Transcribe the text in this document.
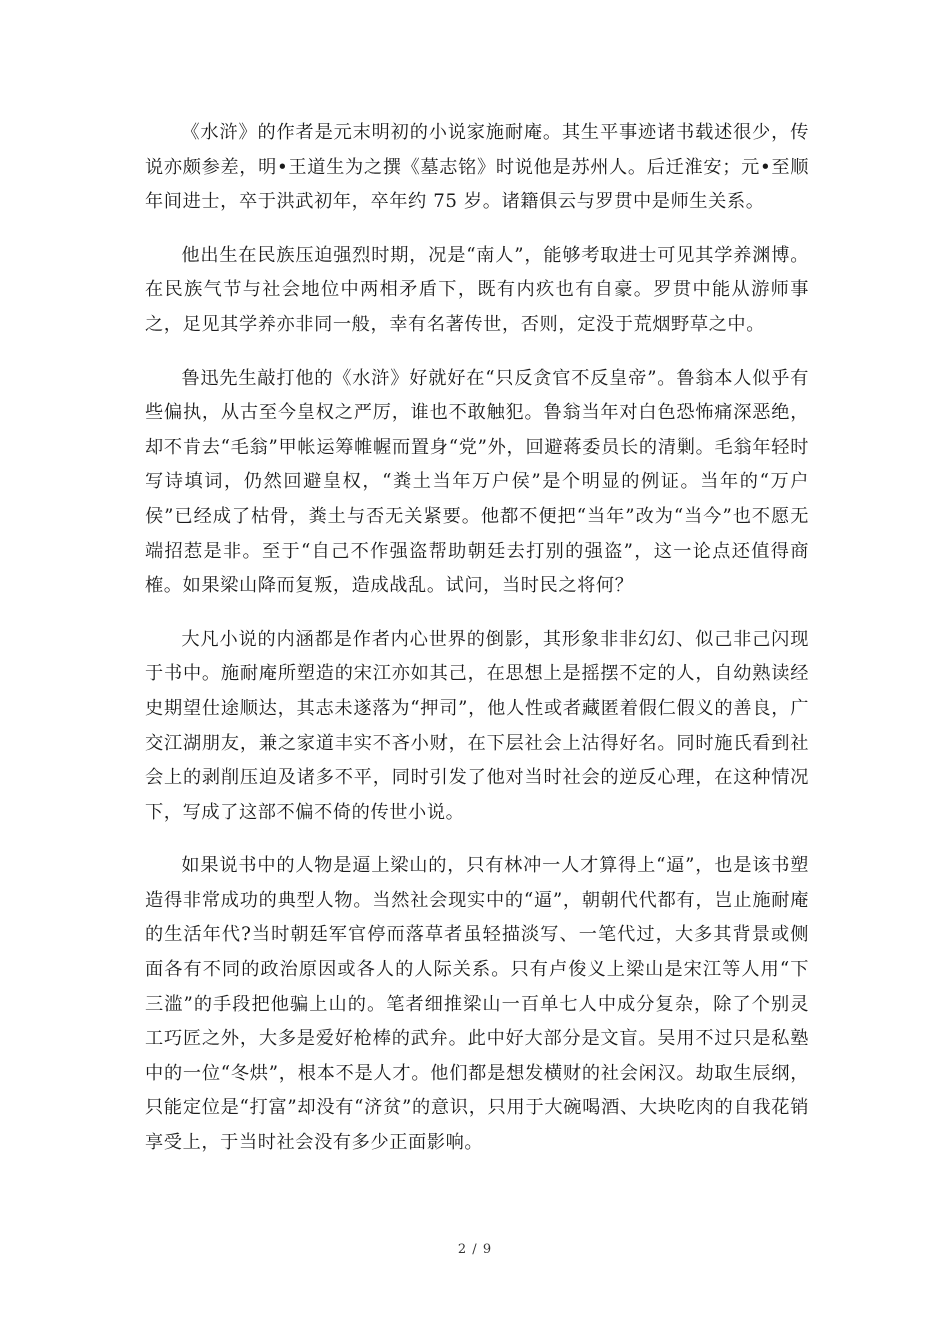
《水浒》的作者是元末明初的小说家施耐庵。其生平事迹诸书载述很少，传说亦颇参差，明•王道生为之撰《墓志铭》时说他是苏州人。后迁淮安；元•至顺年间进士，卒于洪武初年，卒年约 75 岁。诸籍俱云与罗贯中是师生关系。

他出生在民族压迫强烈时期，况是“南人”，能够考取进士可见其学养渊博。在民族气节与社会地位中两相矛盾下，既有内疚也有自豪。罗贯中能从游师事之，足见其学养亦非同一般，幸有名著传世，否则，定没于荒烟野草之中。

鲁迅先生敲打他的《水浒》好就好在“只反贪官不反皇帝”。鲁翁本人似乎有些偏执，从古至今皇权之严厉，谁也不敢触犯。鲁翁当年对白色恐怖痛深恶绝，却不肯去“毛翁”甲帐运筹帷幄而置身“党”外，回避蒋委员长的清剿。毛翁年轻时写诗填词，仍然回避皇权，“粪土当年万户侯”是个明显的例证。当年的“万户侯”已经成了枯骨，粪土与否无关紧要。他都不便把“当年”改为“当今”也不愿无端招惹是非。至于“自己不作强盗帮助朝廷去打别的强盗”，这一论点还值得商榷。如果梁山降而复叛，造成战乱。试问，当时民之将何？

大凡小说的内涵都是作者内心世界的倒影，其形象非非幻幻、似己非己闪现于书中。施耐庵所塑造的宋江亦如其己，在思想上是摇摆不定的人，自幼熟读经史期望仕途顺达，其志未遂落为“押司”，他人性或者藏匿着假仁假义的善良，广交江湖朋友，兼之家道丰实不吝小财，在下层社会上沽得好名。同时施氏看到社会上的剥削压迫及诸多不平，同时引发了他对当时社会的逆反心理，在这种情况下，写成了这部不偏不倚的传世小说。

如果说书中的人物是逼上梁山的，只有林冲一人才算得上“逼”，也是该书塑造得非常成功的典型人物。当然社会现实中的“逼”，朝朝代代都有，岂止施耐庵的生活年代?当时朝廷军官停而落草者虽轻描淡写、一笔代过，大多其背景或侧面各有不同的政治原因或各人的人际关系。只有卢俊义上梁山是宋江等人用“下三滥”的手段把他骗上山的。笔者细推梁山一百单七人中成分复杂，除了个别灵工巧匠之外，大多是爱好枪棒的武弁。此中好大部分是文盲。吴用不过只是私塾中的一位“冬烘”，根本不是人才。他们都是想发横财的社会闲汉。劫取生辰纲，只能定位是“打富”却没有“济贫”的意识，只用于大碗喝酒、大块吃肉的自我花销享受上，于当时社会没有多少正面影响。

2 / 9
